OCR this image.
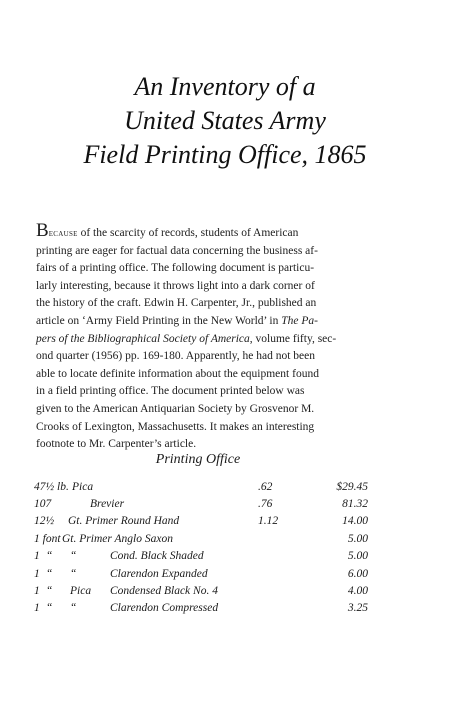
An Inventory of a
United States Army
Field Printing Office, 1865
Because of the scarcity of records, students of American
printing are eager for factual data concerning the business af-
fairs of a printing office. The following document is particu-
larly interesting, because it throws light into a dark corner of
the history of the craft. Edwin H. Carpenter, Jr., published an
article on ‘Army Field Printing in the New World’ in The Pa-
pers of the Bibliographical Society of America, volume fifty, sec-
ond quarter (1956) pp. 169-180. Apparently, he had not been
able to locate definite information about the equipment found
in a field printing office. The document printed below was
given to the American Antiquarian Society by Grosvenor M.
Crooks of Lexington, Massachusetts. It makes an interesting
footnote to Mr. Carpenter’s article.
Printing Office
47½ lb. Pica	.62	$29.45

107 Brevier	.76	81.32

12½ Gt. Primer Round Hand	1.12	14.00

1 font Gt. Primer Anglo Saxon		5.00

1 “ “ Cond. Black Shaded		5.00

1 “ “ Clarendon Expanded		6.00

1 “ Pica Condensed Black No. 4		4.00

1 “ “ Clarendon Compressed		3.25
